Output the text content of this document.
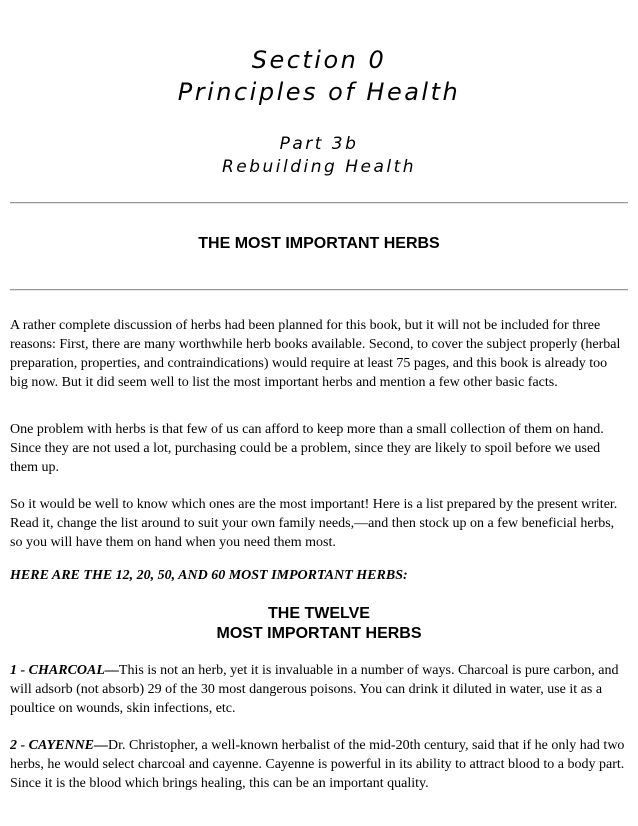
Section 0
Principles of Health
Part 3b
Rebuilding Health
THE MOST IMPORTANT HERBS

A rather complete discussion of herbs had been planned for this book, but it will not be included for three reasons: First, there are many worthwhile herb books available. Second, to cover the subject properly (herbal preparation, properties, and contraindications) would require at least 75 pages, and this book is already too big now. But it did seem well to list the most important herbs and mention a few other basic facts.

One problem with herbs is that few of us can afford to keep more than a small collection of them on hand. Since they are not used a lot, purchasing could be a problem, since they are likely to spoil before we used them up.

So it would be well to know which ones are the most important! Here is a list prepared by the present writer. Read it, change the list around to suit your own family needs,—and then stock up on a few beneficial herbs, so you will have them on hand when you need them most.

HERE ARE THE 12, 20, 50, AND 60 MOST IMPORTANT HERBS:

THE TWELVE
MOST IMPORTANT HERBS

1 - CHARCOAL—This is not an herb, yet it is invaluable in a number of ways. Charcoal is pure carbon, and will adsorb (not absorb) 29 of the 30 most dangerous poisons. You can drink it diluted in water, use it as a poultice on wounds, skin infections, etc.

2 - CAYENNE—Dr. Christopher, a well-known herbalist of the mid-20th century, said that if he only had two herbs, he would select charcoal and cayenne. Cayenne is powerful in its ability to attract blood to a body part. Since it is the blood which brings healing, this can be an important quality.
